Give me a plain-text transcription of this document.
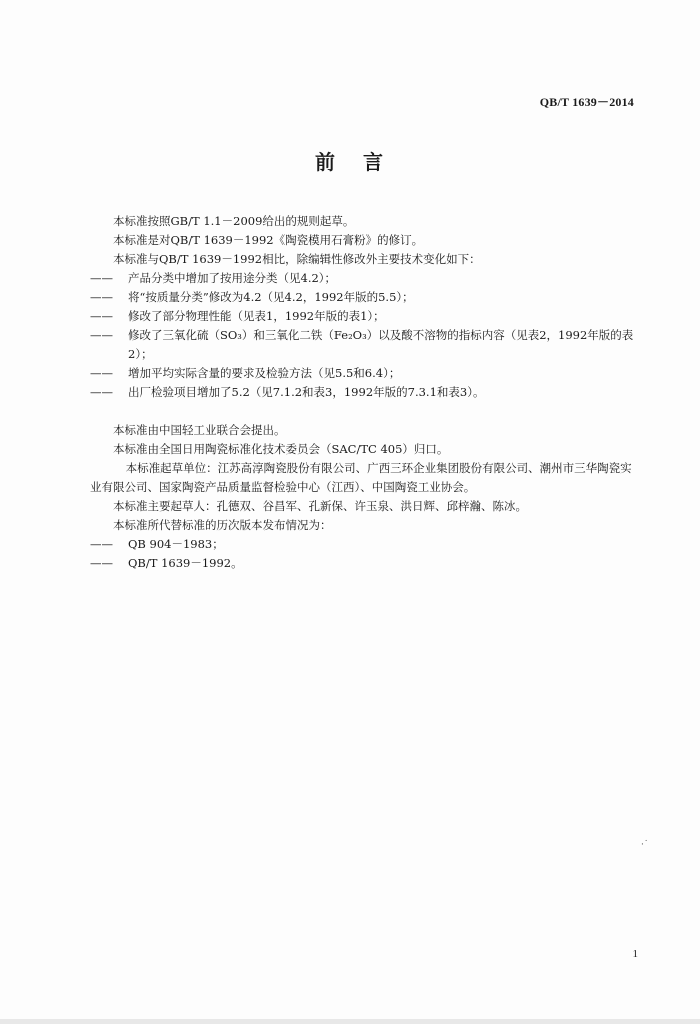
QB/T 1639－2014
前 言

本标准按照GB/T 1.1－2009给出的规则起草。

本标准是对QB/T 1639－1992《陶瓷模用石膏粉》的修订。

本标准与QB/T 1639－1992相比，除编辑性修改外主要技术变化如下：

——	产品分类中增加了按用途分类（见4.2）；
——	将“按质量分类”修改为4.2（见4.2，1992年版的5.5）；
——	修改了部分物理性能（见表1，1992年版的表1）；
——	修改了三氧化硫（SO₃）和三氧化二铁（Fe₂O₃）以及酸不溶物的指标内容（见表2，1992年版的表2）；
——	增加平均实际含量的要求及检验方法（见5.5和6.4）；
——	出厂检验项目增加了5.2（见7.1.2和表3，1992年版的7.3.1和表3）。

本标准由中国轻工业联合会提出。

本标准由全国日用陶瓷标准化技术委员会（SAC/TC 405）归口。

本标准起草单位：江苏高淳陶瓷股份有限公司、广西三环企业集团股份有限公司、潮州市三华陶瓷实业有限公司、国家陶瓷产品质量监督检验中心（江西）、中国陶瓷工业协会。

本标准主要起草人：孔德双、谷昌军、孔新保、许玉泉、洪日辉、邱梓瀚、陈冰。

本标准所代替标准的历次版本发布情况为：

——	QB 904－1983；
——	QB/T 1639－1992。
·˙
1
